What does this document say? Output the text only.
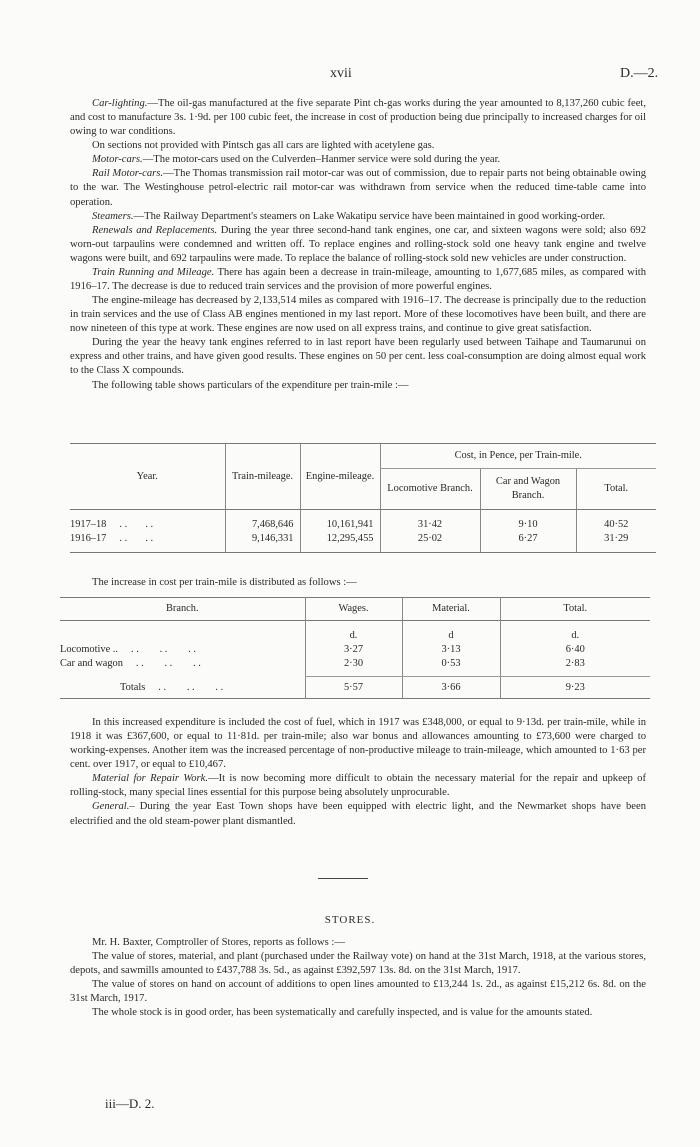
xvii	D.—2.

Car-lighting.—The oil-gas manufactured at the five separate Pint ch-gas works during the year amounted to 8,137,260 cubic feet, and cost to manufacture 3s. 1·9d. per 100 cubic feet, the increase in cost of production being due principally to increased charges for oil owing to war conditions.

On sections not provided with Pintsch gas all cars are lighted with acetylene gas.

Motor-cars.—The motor-cars used on the Culverden–Hanmer service were sold during the year.

Rail Motor-cars.—The Thomas transmission rail motor-car was out of commission, due to repair parts not being obtainable owing to the war. The Westinghouse petrol-electric rail motor-car was withdrawn from service when the reduced time-table came into operation.

Steamers.—The Railway Department's steamers on Lake Wakatipu service have been maintained in good working-order.

Renewals and Replacements. During the year three second-hand tank engines, one car, and sixteen wagons were sold; also 692 worn-out tarpaulins were condemned and written off. To replace engines and rolling-stock sold one heavy tank engine and twelve wagons were built, and 692 tarpaulins were made. To replace the balance of rolling-stock sold new vehicles are under construction.

Train Running and Mileage. There has again been a decrease in train-mileage, amounting to 1,677,685 miles, as compared with 1916–17. The decrease is due to reduced train services and the provision of more powerful engines.

The engine-mileage has decreased by 2,133,514 miles as compared with 1916–17. The decrease is principally due to the reduction in train services and the use of Class AB engines mentioned in my last report. More of these locomotives have been built, and there are now nineteen of this type at work. These engines are now used on all express trains, and continue to give great satisfaction.

During the year the heavy tank engines referred to in last report have been regularly used between Taihape and Taumarunui on express and other trains, and have given good results. These engines on 50 per cent. less coal-consumption are doing almost equal work to the Class X compounds.

The following table shows particulars of the expenditure per train-mile :—

Year.	Train-mileage.	Engine-mileage.	Cost, in Pence, per Train-mile.		
			Locomotive Branch.	Car and Wagon Branch.	Total.

1917–18 . .       . .	7,468,646	10,161,941	31·42	9·10	40·52
1916–17 . .       . .	9,146,331	12,295,455	25·02	6·27	31·29

The increase in cost per train-mile is distributed as follows :—

Branch.	Wages.	Material.	Total.

	d.	d	d.
Locomotive .. . .        . .        . .	3·27	3·13	6·40
Car and wagon . .        . .        . .	2·30	0·53	2·83

Totals . .        . .        . .	5·57	3·66	9·23

In this increased expenditure is included the cost of fuel, which in 1917 was £348,000, or equal to 9·13d. per train-mile, while in 1918 it was £367,600, or equal to 11·81d. per train-mile; also war bonus and allowances amounting to £73,600 were charged to working-expenses. Another item was the increased percentage of non-productive mileage to train-mileage, which amounted to 1·63 per cent. over 1917, or equal to £10,467.

Material for Repair Work.—It is now becoming more difficult to obtain the necessary material for the repair and upkeep of rolling-stock, many special lines essential for this purpose being absolutely unprocurable.

General.– During the year East Town shops have been equipped with electric light, and the Newmarket shops have been electrified and the old steam-power plant dismantled.

STORES.

Mr. H. Baxter, Comptroller of Stores, reports as follows :—

The value of stores, material, and plant (purchased under the Railway vote) on hand at the 31st March, 1918, at the various stores, depots, and sawmills amounted to £437,788 3s. 5d., as against £392,597 13s. 8d. on the 31st March, 1917.

The value of stores on hand on account of additions to open lines amounted to £13,244 1s. 2d., as against £15,212 6s. 8d. on the 31st March, 1917.

The whole stock is in good order, has been systematically and carefully inspected, and is value for the amounts stated.

iii—D. 2.
